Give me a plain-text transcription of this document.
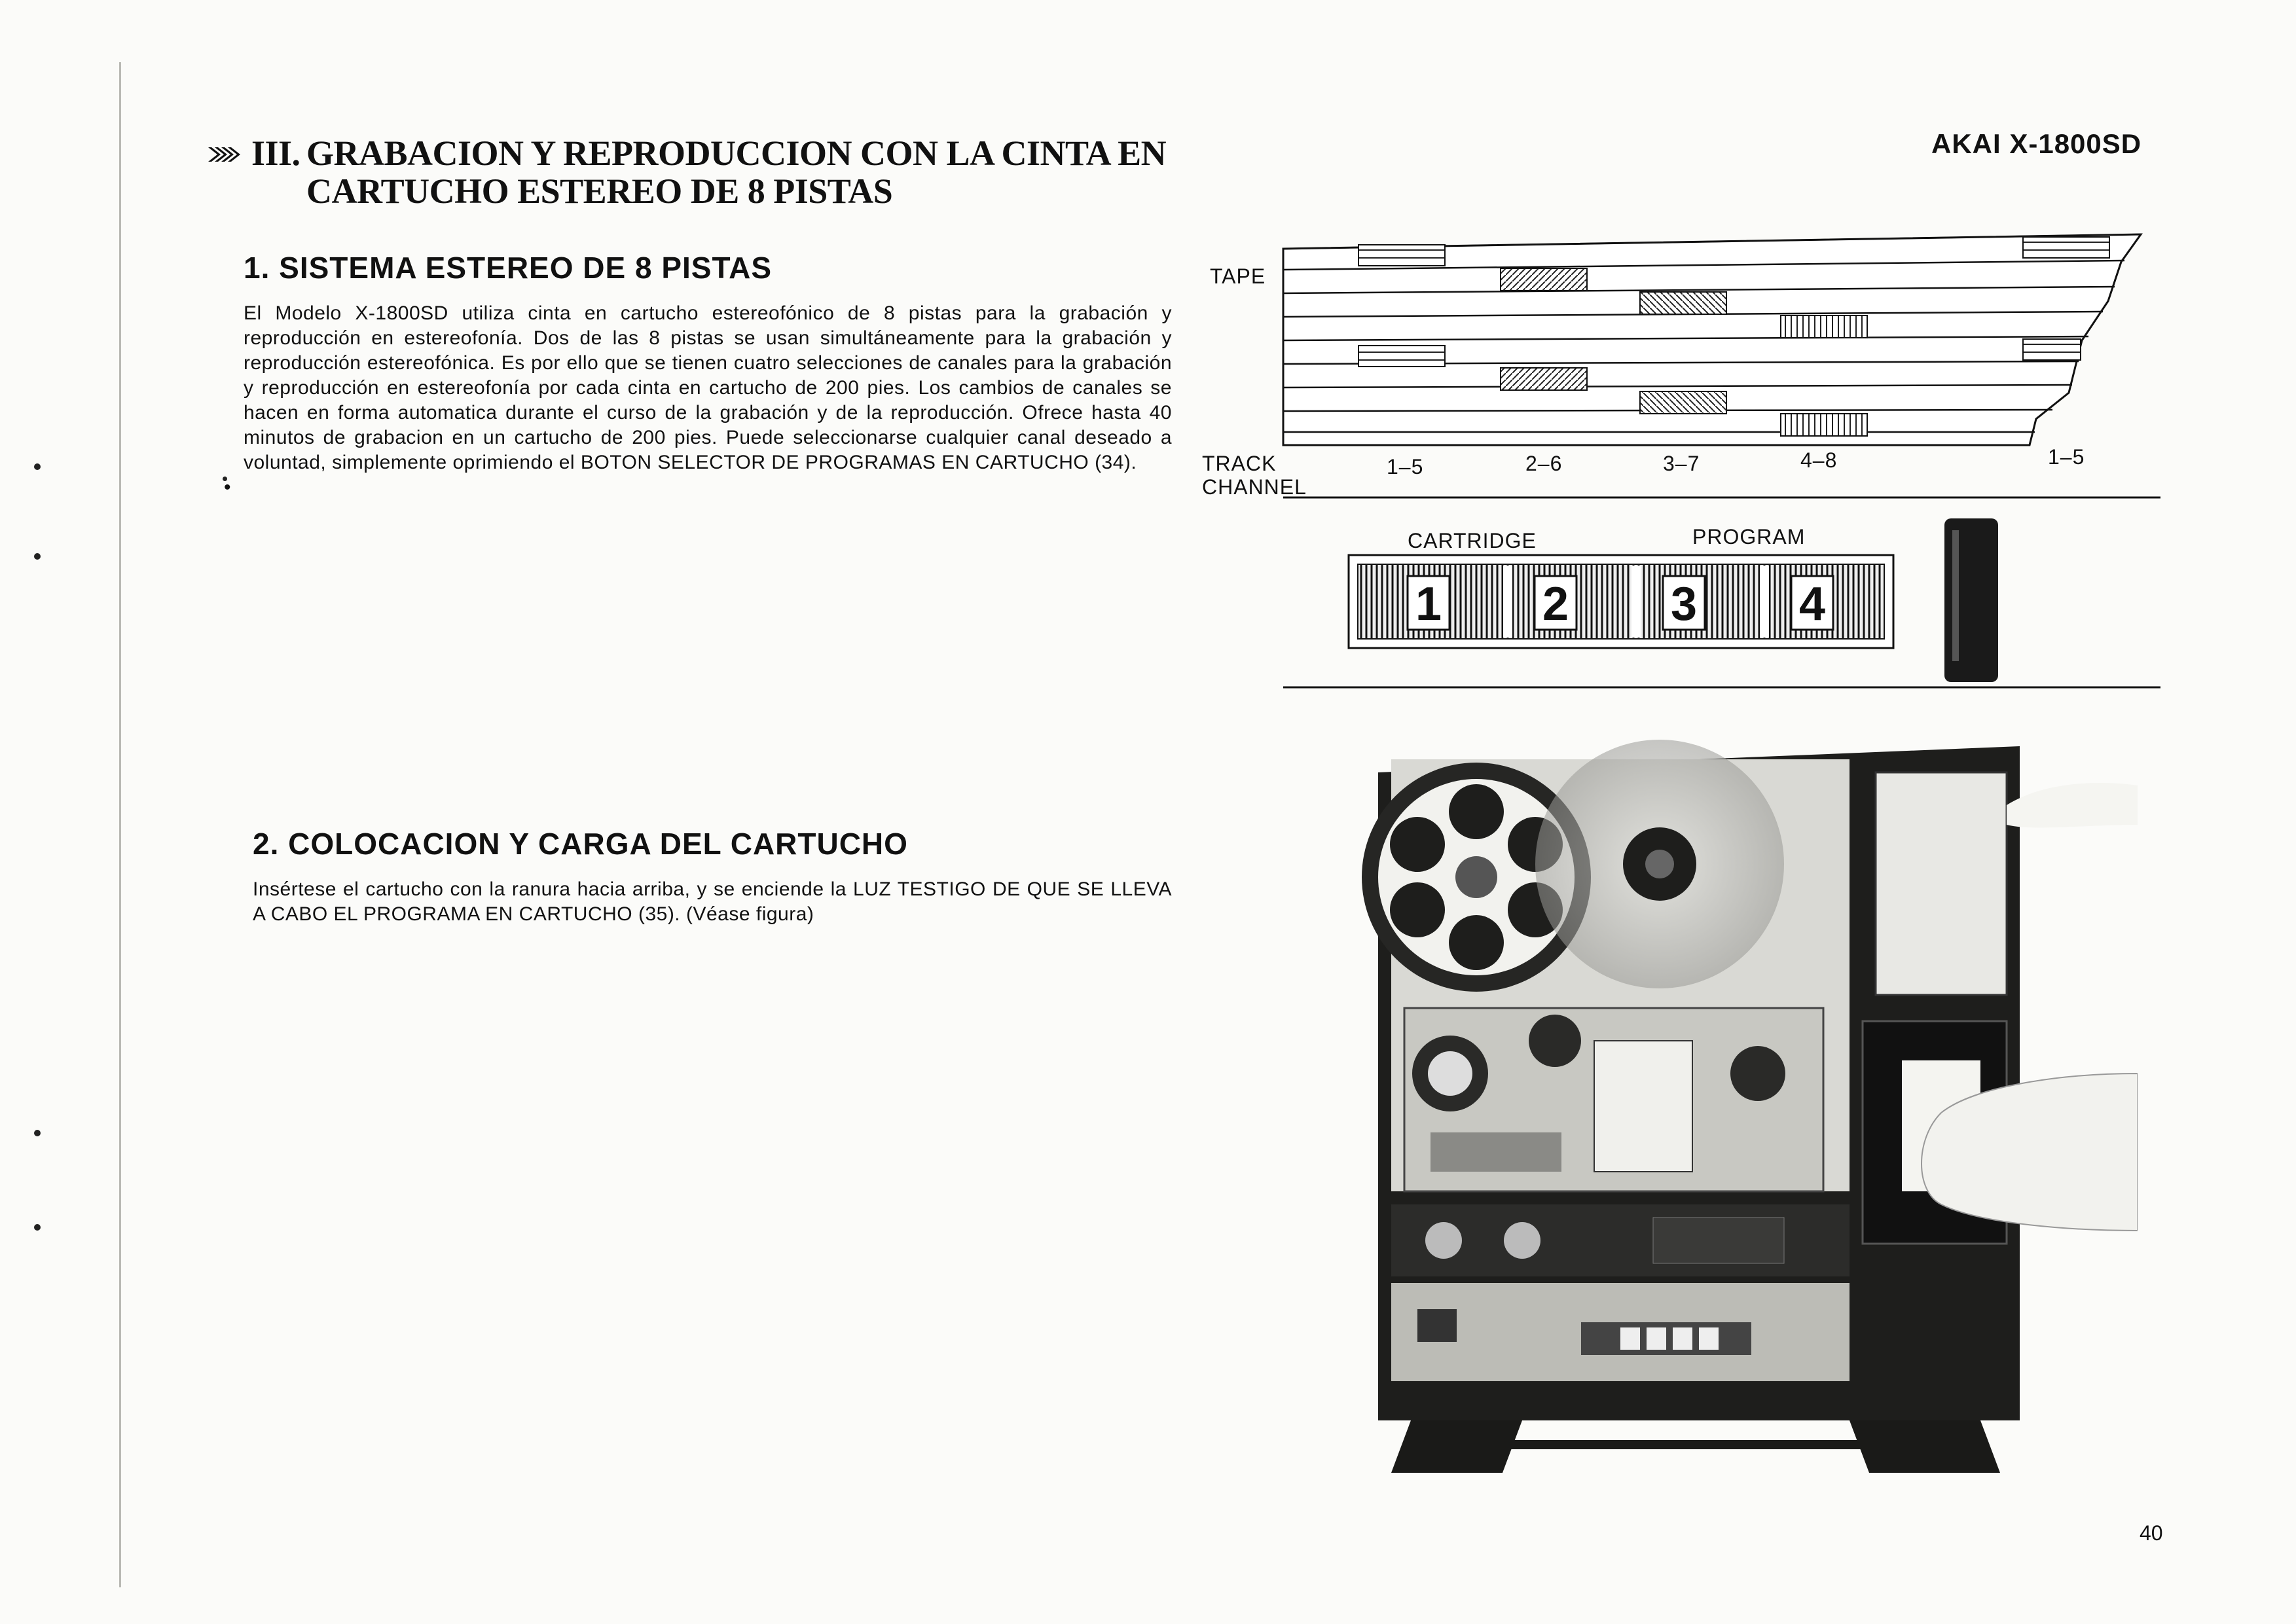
III. GRABACION Y REPRODUCCION CON LA CINTA EN
CARTUCHO ESTEREO DE 8 PISTAS
AKAI X-1800SD
1. SISTEMA ESTEREO DE 8 PISTAS
El Modelo X-1800SD utiliza cinta en cartucho estereofónico de 8 pistas para la grabación y reproducción en estereofonía. Dos de las 8 pistas se usan simultáneamente para la grabación y reproducción estereofónica. Es por ello que se tienen cuatro selecciones de canales para la grabación y reproducción en estereofonía por cada cinta en cartucho de 200 pies. Los cambios de canales se hacen en forma automatica durante el curso de la grabación y de la reproducción. Ofrece hasta 40 minutos de grabacion en un cartucho de 200 pies. Puede seleccionarse cualquier canal deseado a voluntad, simplemente oprimiendo el BOTON SELECTOR DE PROGRAMAS EN CARTUCHO (34).
•
2. COLOCACION Y CARGA DEL CARTUCHO
Insértese el cartucho con la ranura hacia arriba, y se enciende la LUZ TESTIGO DE QUE SE LLEVA A CABO EL PROGRAMA EN CARTUCHO (35). (Véase figura)
TAPE
TRACK
CHANNEL
1–5	2–6	3–7	4–8	1–5
CARTRIDGE	PROGRAM
1 2 3 4
40
